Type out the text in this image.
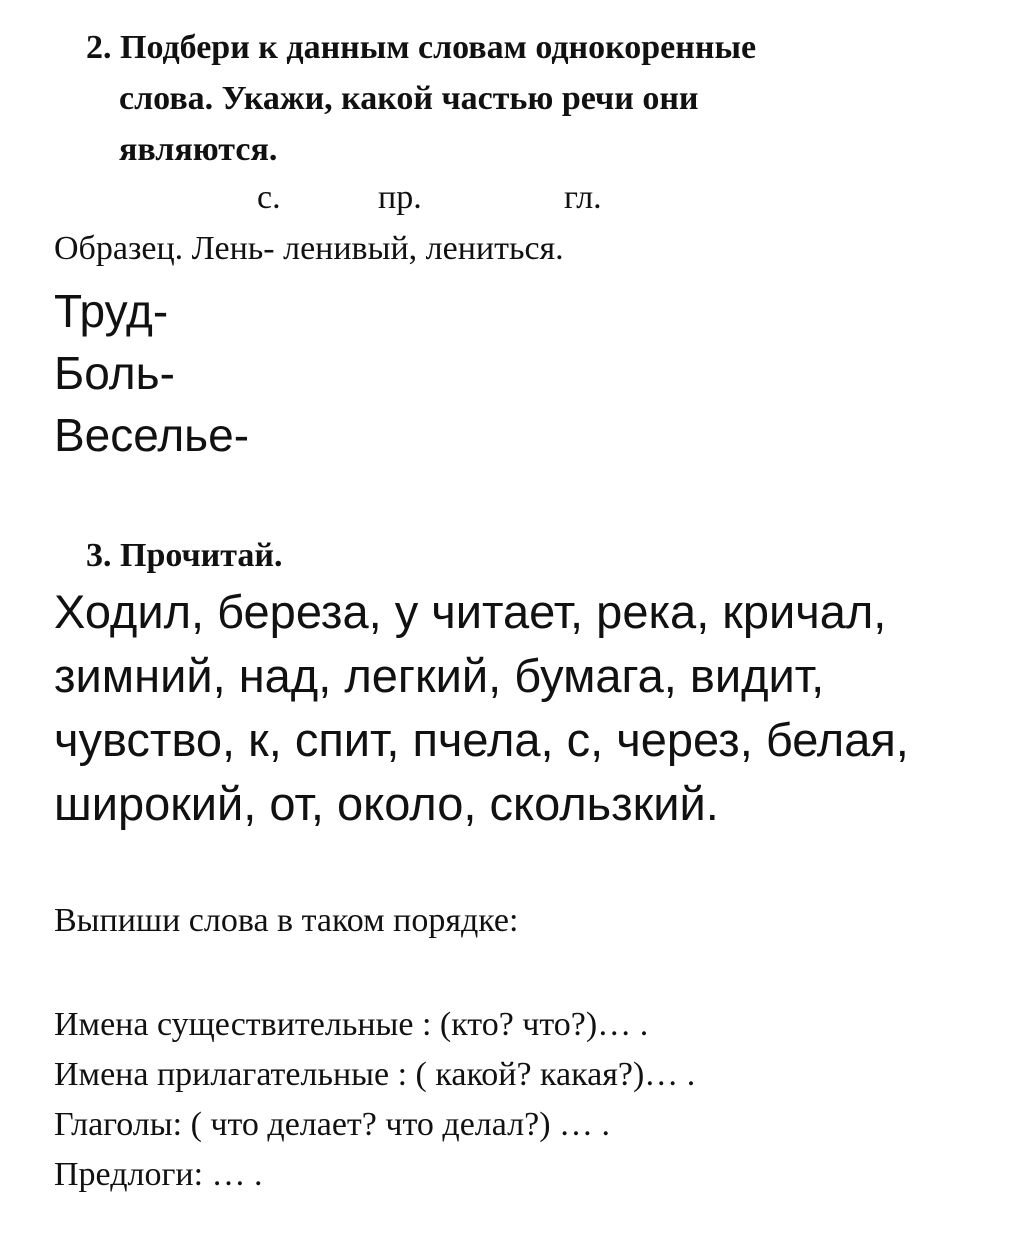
2. Подбери к данным словам однокоренные
слова. Укажи, какой частью речи они
являются.
с.	пр.	гл.
Образец. Лень- ленивый, лениться.
Труд-
Боль-
Веселье-
3. Прочитай.
Ходил, береза, у читает, река, кричал,
зимний, над, легкий, бумага, видит,
чувство, к, спит, пчела, с, через, белая,
широкий, от, около, скользкий.
Выпиши слова в таком порядке:
Имена существительные : (кто? что?)… .
Имена прилагательные : ( какой? какая?)… .
Глаголы: ( что делает? что делал?) … .
Предлоги: … .
